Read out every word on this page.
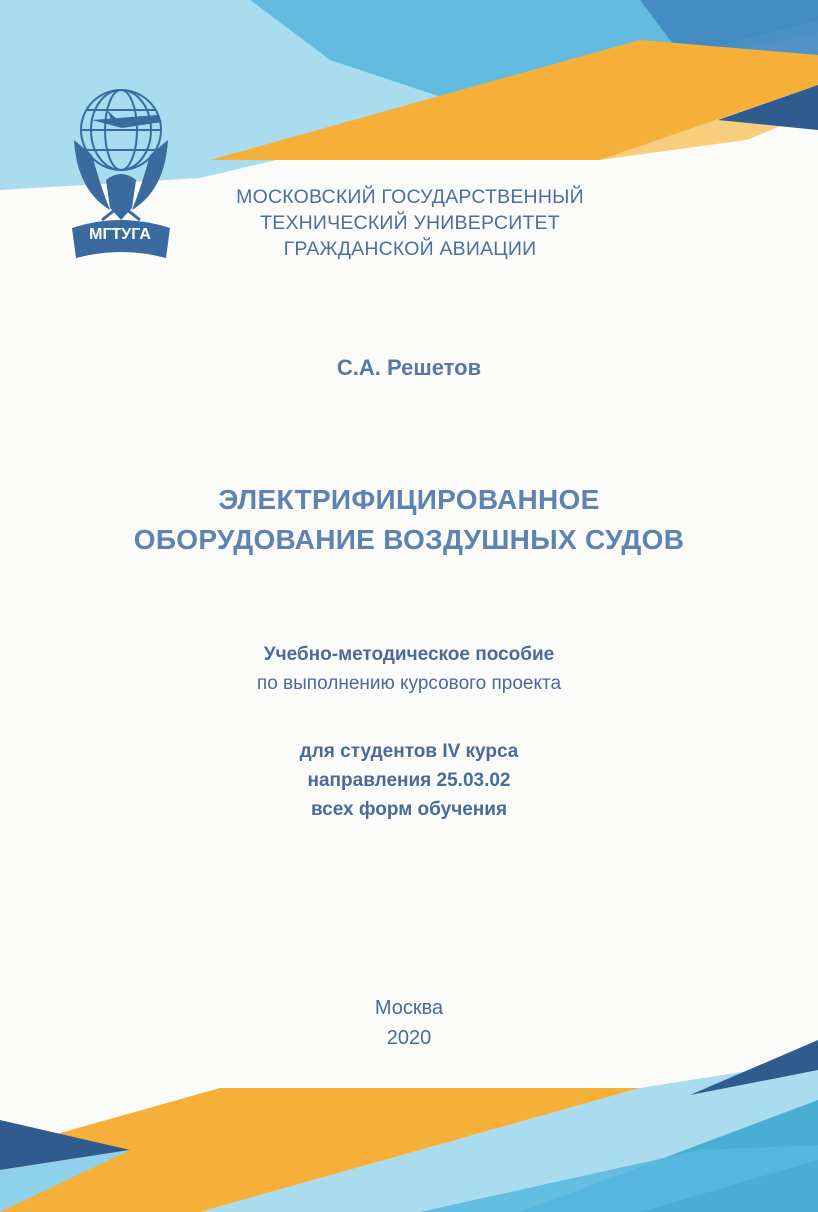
МГТУГА
МОСКОВСКИЙ ГОСУДАРСТВЕННЫЙ
ТЕХНИЧЕСКИЙ УНИВЕРСИТЕТ
ГРАЖДАНСКОЙ АВИАЦИИ
С.А. Решетов
ЭЛЕКТРИФИЦИРОВАННОЕ
ОБОРУДОВАНИЕ ВОЗДУШНЫХ СУДОВ
Учебно-методическое пособие
по выполнению курсового проекта
для студентов IV курса
направления 25.03.02
всех форм обучения
Москва
2020
